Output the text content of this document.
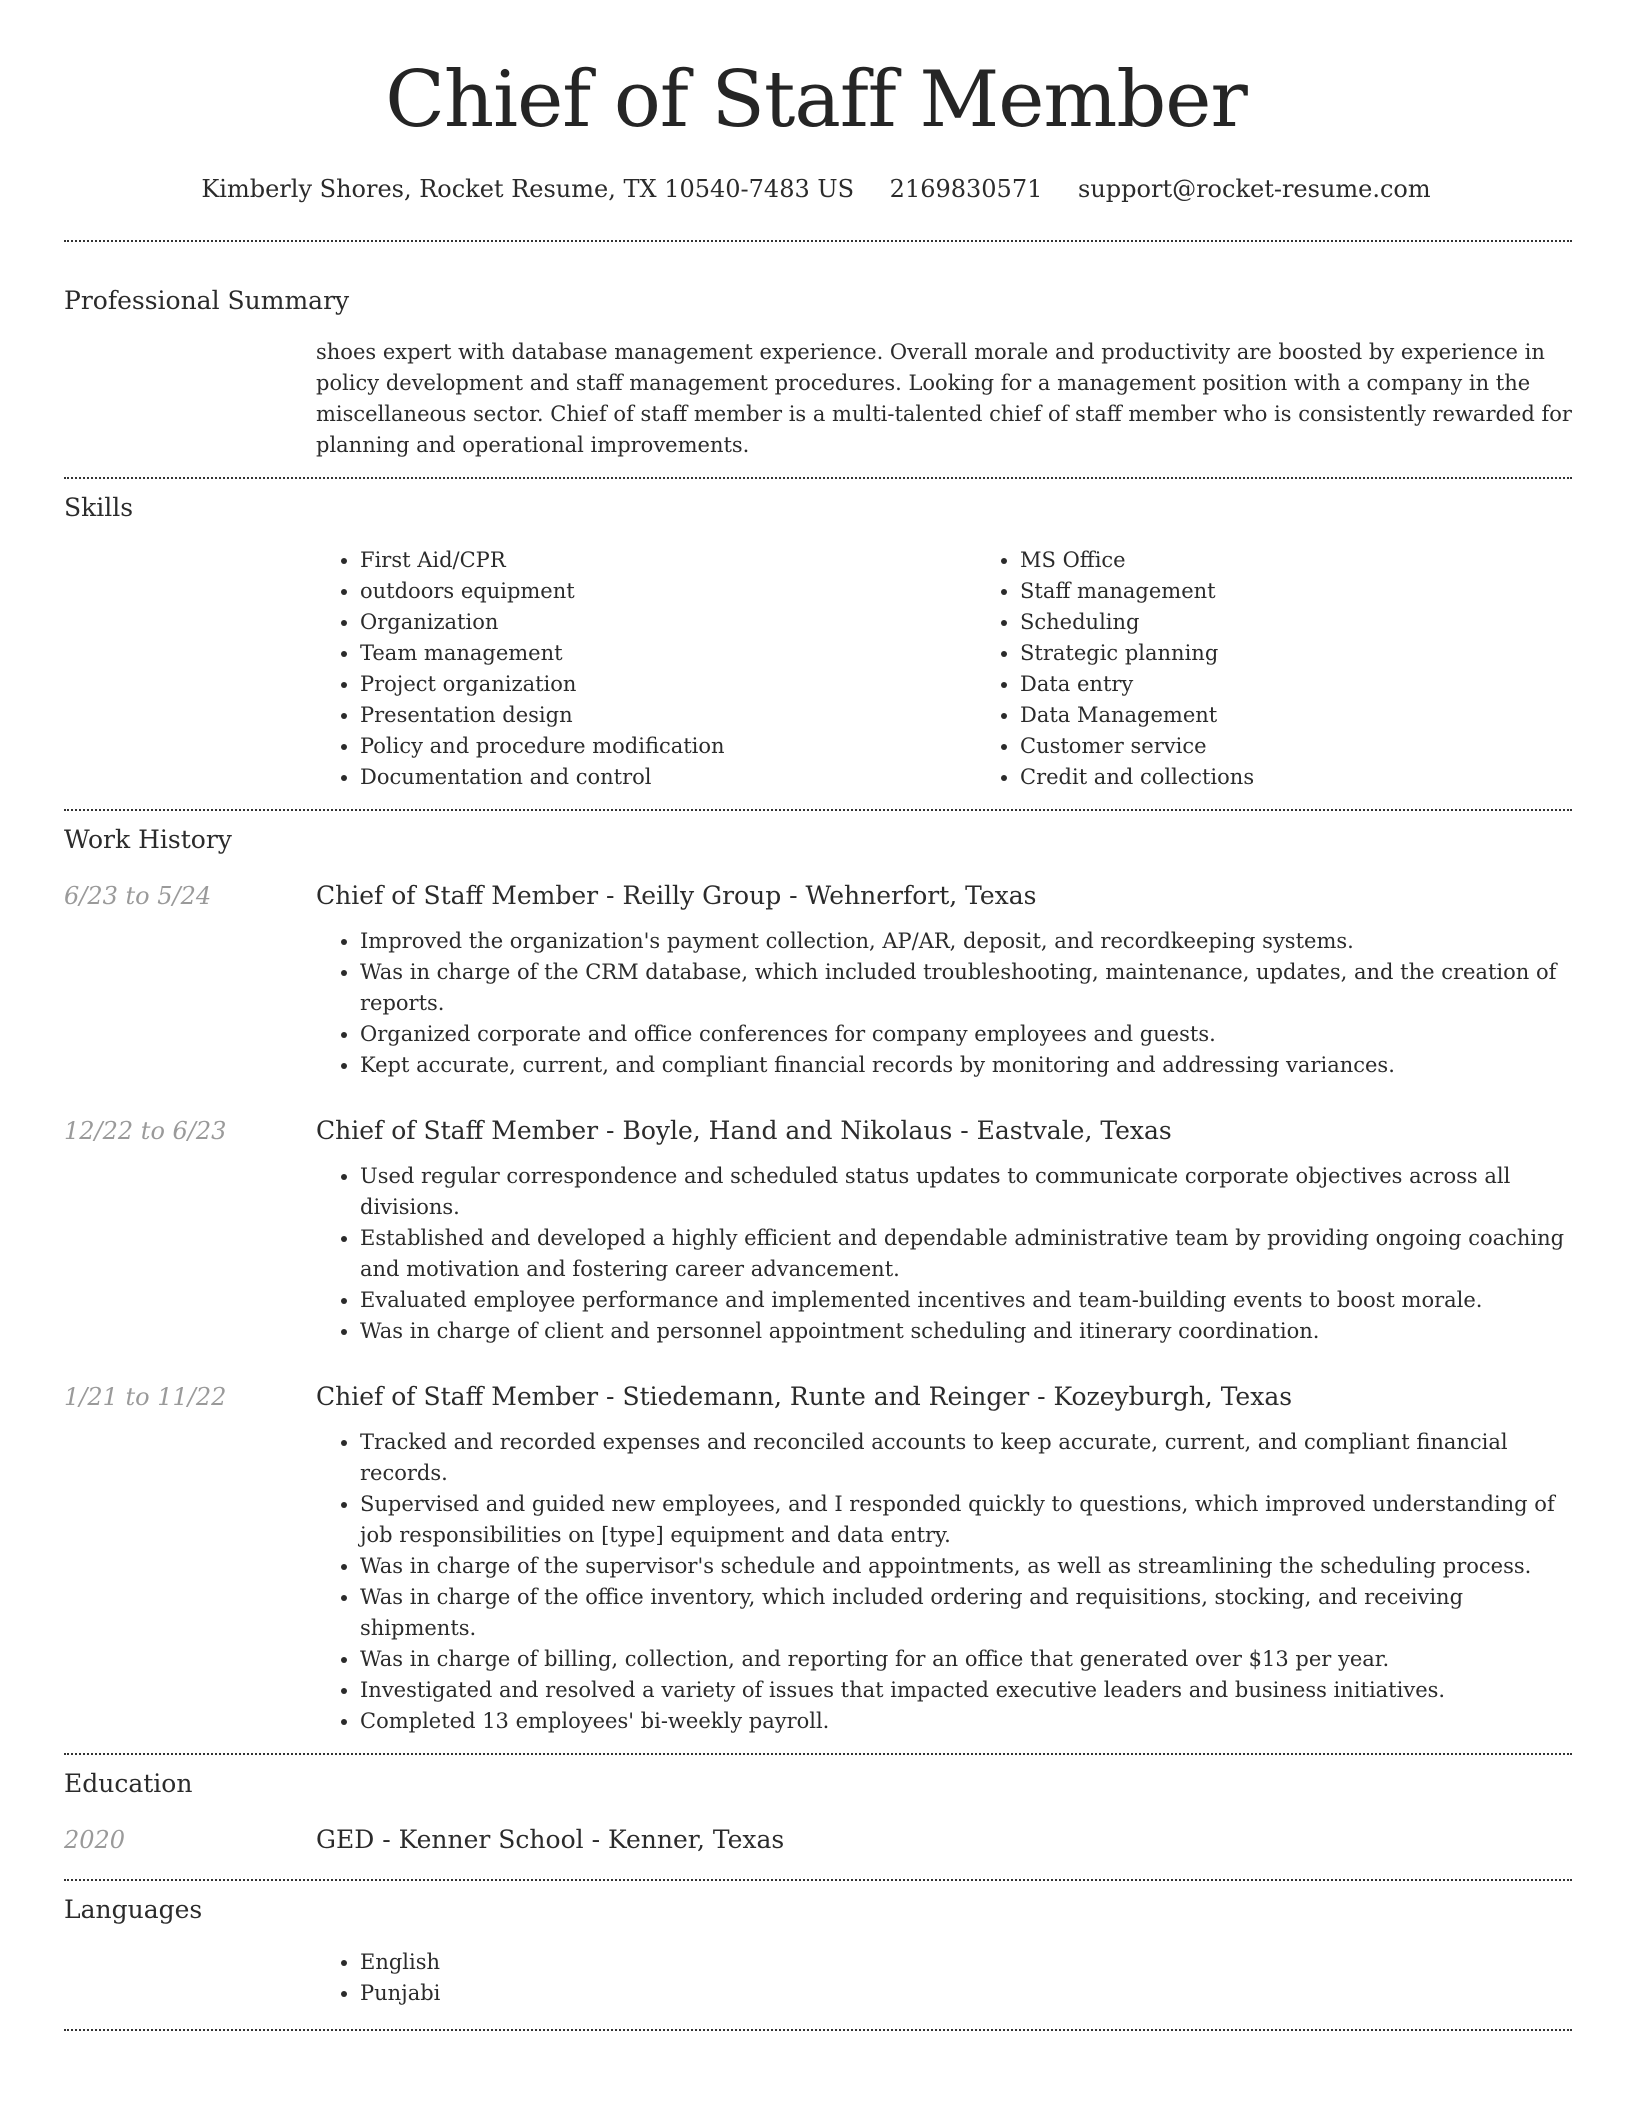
Chief of Staff Member
Kimberly Shores, Rocket Resume, TX 10540-7483 US 2169830571 support@rocket-resume.com
Professional Summary

shoes expert with database management experience. Overall morale and productivity are boosted by experience in policy development and staff management procedures. Looking for a management position with a company in the miscellaneous sector. Chief of staff member is a multi-talented chief of staff member who is consistently rewarded for planning and operational improvements.

Skills
• First Aid/CPR
• outdoors equipment
• Organization
• Team management
• Project organization
• Presentation design
• Policy and procedure modification
• Documentation and control
• MS Office
• Staff management
• Scheduling
• Strategic planning
• Data entry
• Data Management
• Customer service
• Credit and collections
Work History
6/23 to 5/24	Chief of Staff Member - Reilly Group - Wehnerfort, Texas
• Improved the organization's payment collection, AP/AR, deposit, and recordkeeping systems.
• Was in charge of the CRM database, which included troubleshooting, maintenance, updates, and the creation of reports.
• Organized corporate and office conferences for company employees and guests.
• Kept accurate, current, and compliant financial records by monitoring and addressing variances.
12/22 to 6/23	Chief of Staff Member - Boyle, Hand and Nikolaus - Eastvale, Texas
• Used regular correspondence and scheduled status updates to communicate corporate objectives across all divisions.
• Established and developed a highly efficient and dependable administrative team by providing ongoing coaching and motivation and fostering career advancement.
• Evaluated employee performance and implemented incentives and team-building events to boost morale.
• Was in charge of client and personnel appointment scheduling and itinerary coordination.
1/21 to 11/22	Chief of Staff Member - Stiedemann, Runte and Reinger - Kozeyburgh, Texas
• Tracked and recorded expenses and reconciled accounts to keep accurate, current, and compliant financial records.
• Supervised and guided new employees, and I responded quickly to questions, which improved understanding of job responsibilities on [type] equipment and data entry.
• Was in charge of the supervisor's schedule and appointments, as well as streamlining the scheduling process.
• Was in charge of the office inventory, which included ordering and requisitions, stocking, and receiving shipments.
• Was in charge of billing, collection, and reporting for an office that generated over $13 per year.
• Investigated and resolved a variety of issues that impacted executive leaders and business initiatives.
• Completed 13 employees' bi-weekly payroll.
Education
2020	GED - Kenner School - Kenner, Texas
Languages
• English
• Punjabi
